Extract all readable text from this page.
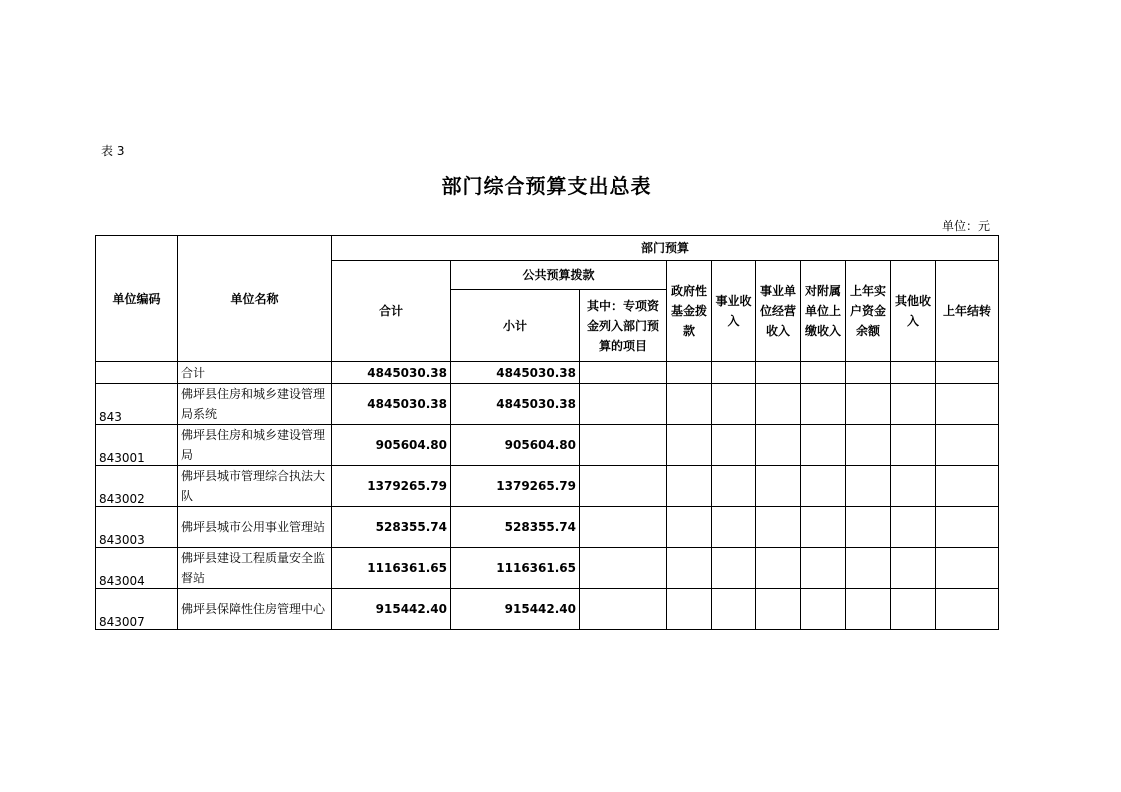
表 3
部门综合预算支出总表
单位：元
单位编码	单位名称	部门预算									
		合计	公共预算拨款		政府性基金拨款	事业收入	事业单位经营收入	对附属单位上缴收入	上年实户资金余额	其他收入	上年结转
			小计	其中：专项资金列入部门预算的项目							
	合计	4845030.38	4845030.38								
843	佛坪县住房和城乡建设管理局系统	4845030.38	4845030.38								
843001	佛坪县住房和城乡建设管理局	905604.80	905604.80								
843002	佛坪县城市管理综合执法大队	1379265.79	1379265.79								
843003	佛坪县城市公用事业管理站	528355.74	528355.74								
843004	佛坪县建设工程质量安全监督站	1116361.65	1116361.65								
843007	佛坪县保障性住房管理中心	915442.40	915442.40								
